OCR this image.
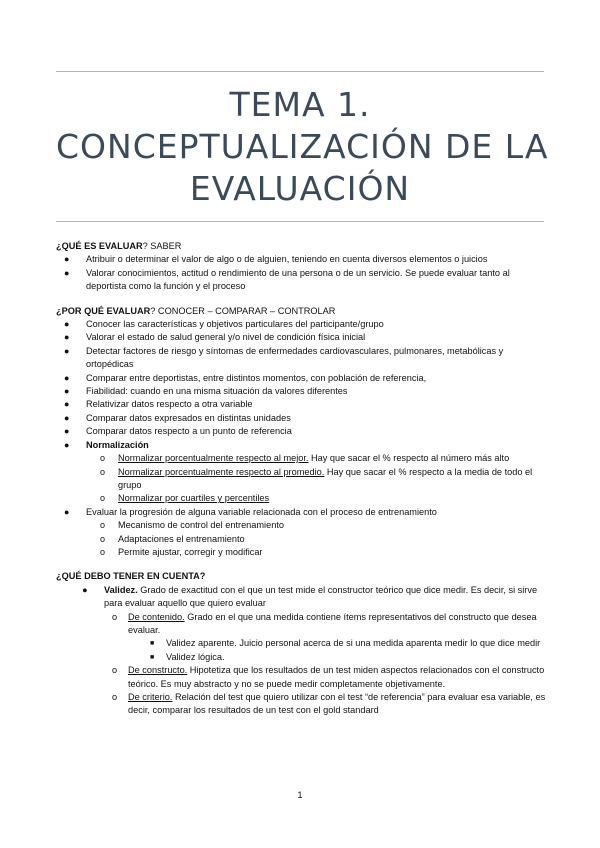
TEMA 1.
CONCEPTUALIZACIÓN DE LA
EVALUACIÓN

¿QUÉ ES EVALUAR? SABER

● Atribuir o determinar el valor de algo o de alguien, teniendo en cuenta diversos elementos o juicios
● Valorar conocimientos, actitud o rendimiento de una persona o de un servicio. Se puede evaluar tanto al deportista como la función y el proceso

¿POR QUÉ EVALUAR? CONOCER – COMPARAR – CONTROLAR

● Conocer las características y objetivos particulares del participante/grupo
● Valorar el estado de salud general y/o nivel de condición física inicial
● Detectar factores de riesgo y síntomas de enfermedades cardiovasculares, pulmonares, metabólicas y ortopédicas
● Comparar entre deportistas, entre distintos momentos, con población de referencia,
● Fiabilidad: cuando en una misma situación da valores diferentes
● Relativizar datos respecto a otra variable
● Comparar datos expresados en distintas unidades
● Comparar datos respecto a un punto de referencia
● Normalización
o Normalizar porcentualmente respecto al mejor. Hay que sacar el % respecto al número más alto
o Normalizar porcentualmente respecto al promedio. Hay que sacar el % respecto a la media de todo el grupo
o Normalizar por cuartiles y percentiles
● Evaluar la progresión de alguna variable relacionada con el proceso de entrenamiento
o Mecanismo de control del entrenamiento
o Adaptaciones el entrenamiento
o Permite ajustar, corregir y modificar

¿QUÉ DEBO TENER EN CUENTA?

● Validez. Grado de exactitud con el que un test mide el constructor teórico que dice medir. Es decir, si sirve para evaluar aquello que quiero evaluar
o De contenido. Grado en el que una medida contiene ítems representativos del constructo que desea evaluar.
■ Validez aparente. Juicio personal acerca de si una medida aparenta medir lo que dice medir
■ Validez lógica.
o De constructo. Hipotetiza que los resultados de un test miden aspectos relacionados con el constructo teórico. Es muy abstracto y no se puede medir completamente objetivamente.
o De criterio. Relación del test que quiero utilizar con el test “de referencia” para evaluar esa variable, es decir, comparar los resultados de un test con el gold standard
1
